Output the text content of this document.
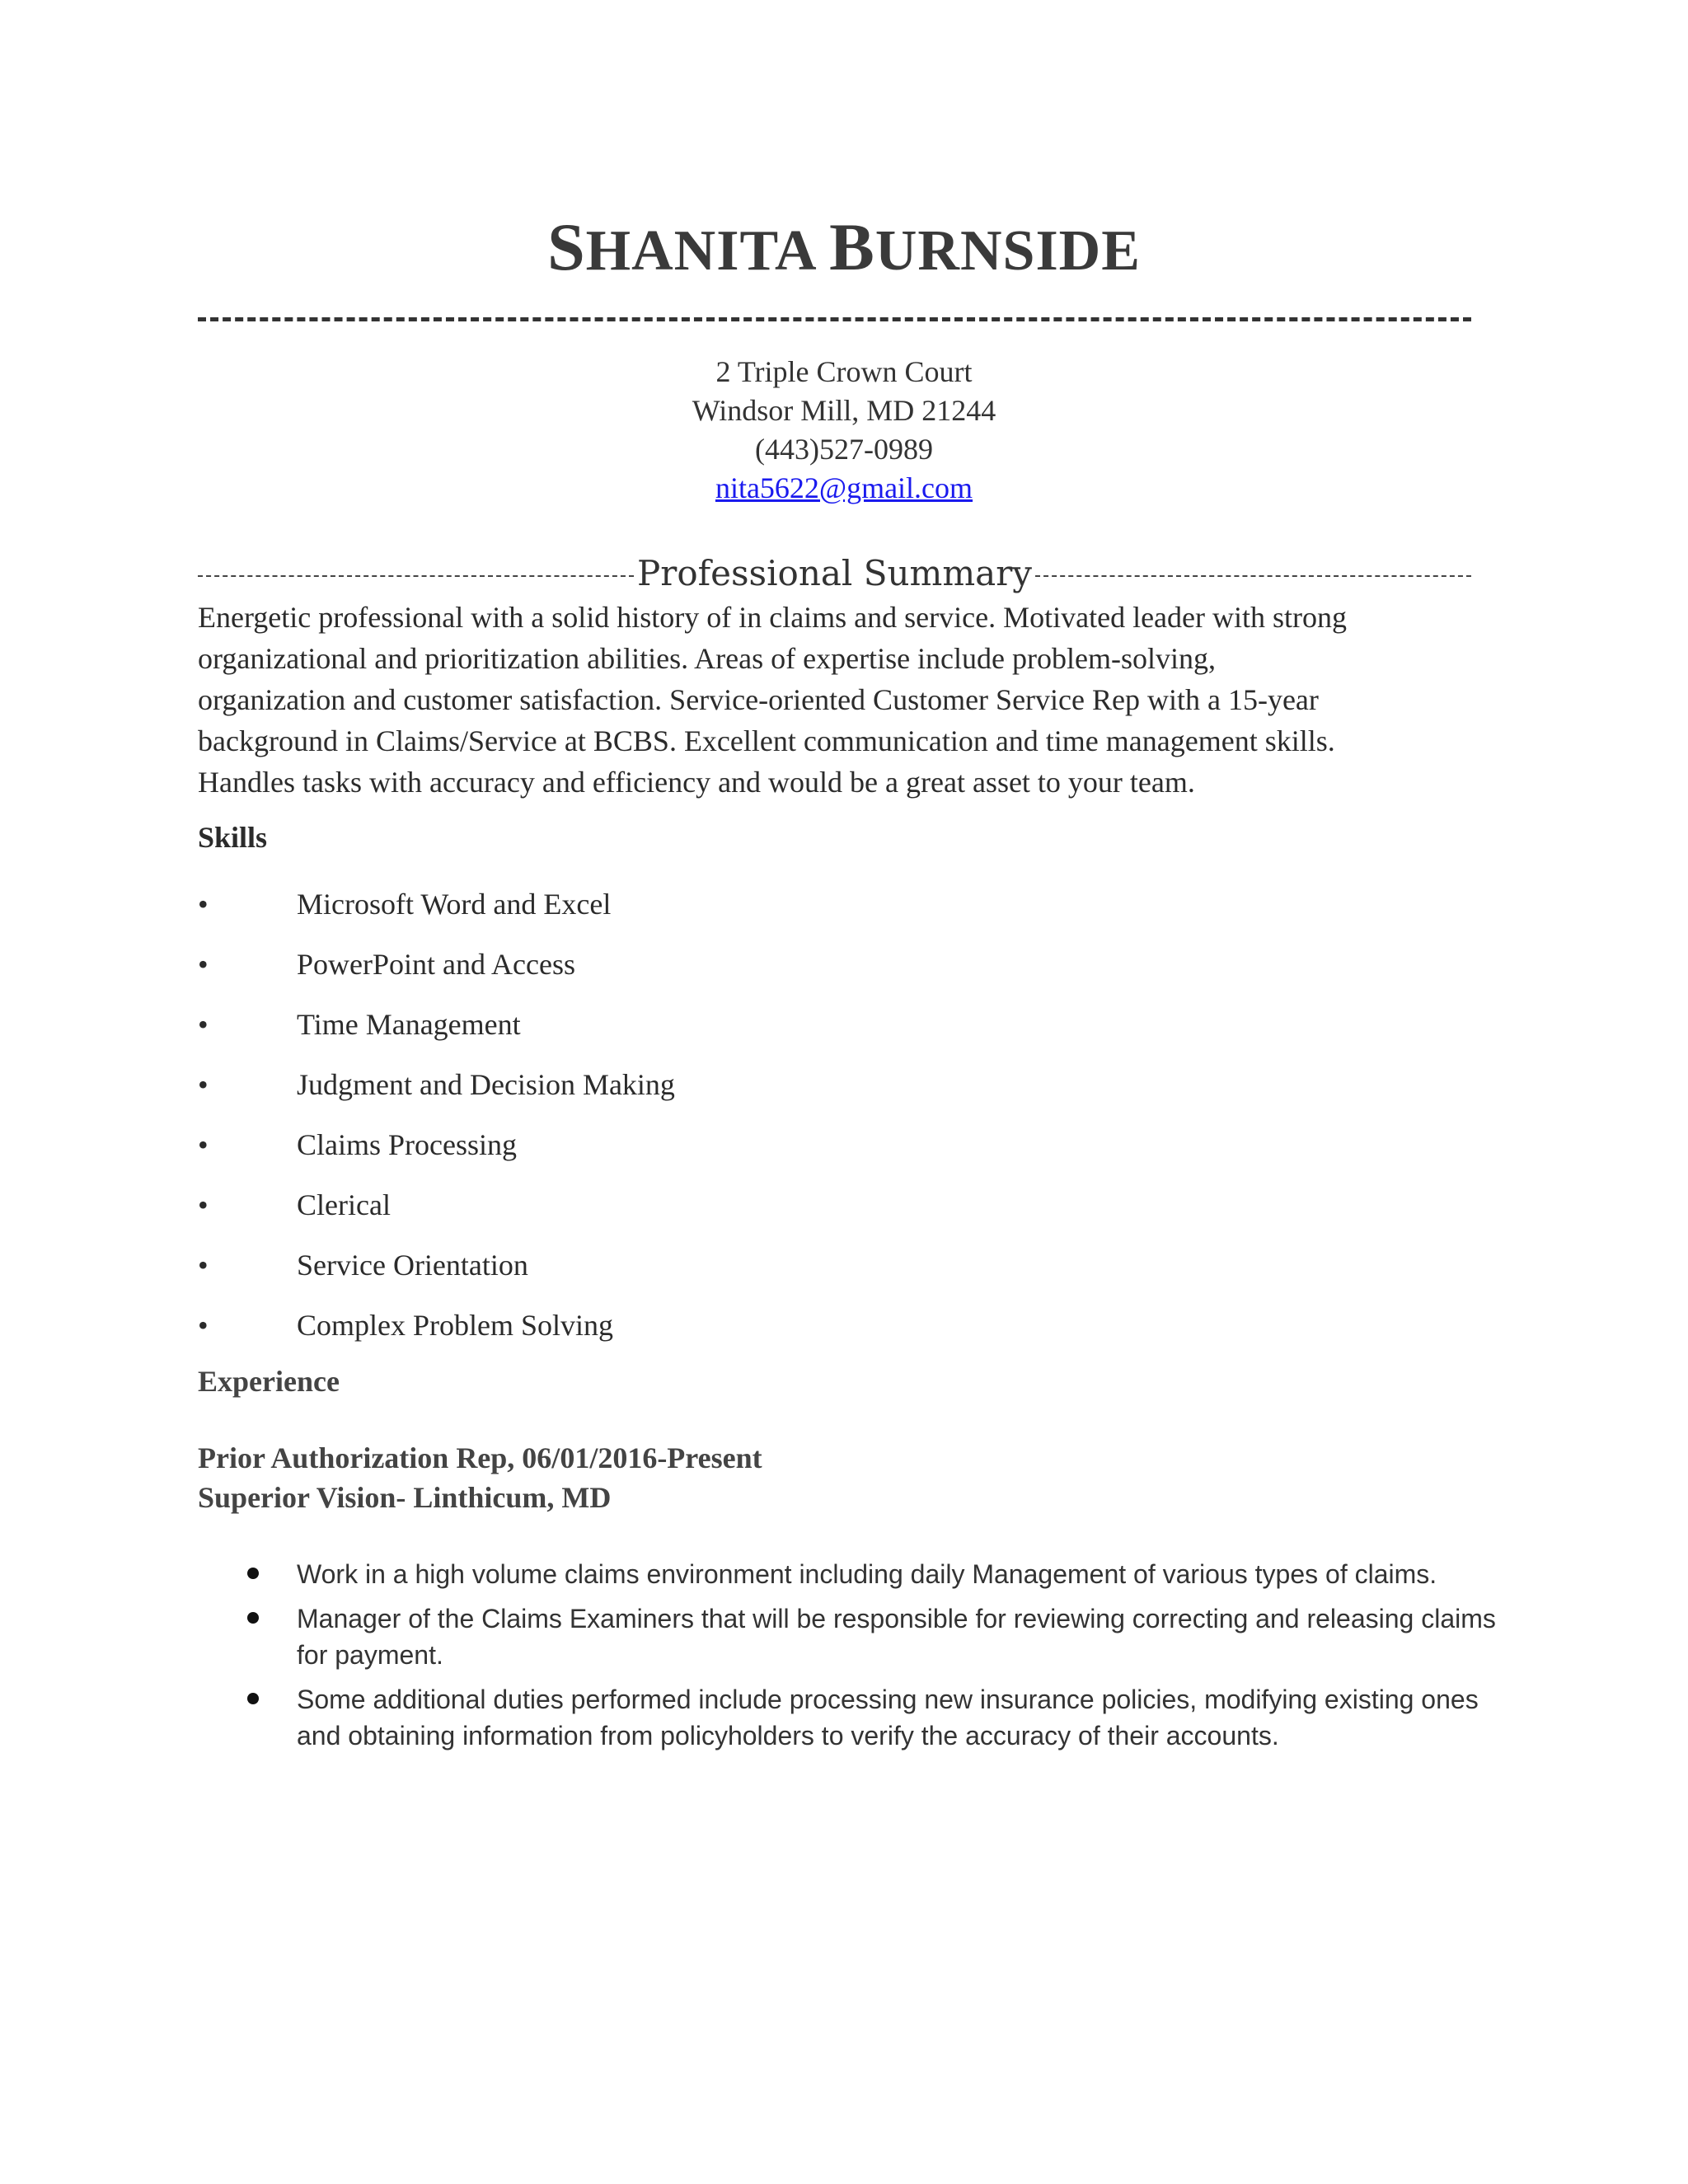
SHANITA BURNSIDE
2 Triple Crown Court
Windsor Mill, MD 21244
(443)527-0989
nita5622@gmail.com
Professional Summary
Energetic professional with a solid history of in claims and service. Motivated leader with strong
organizational and prioritization abilities. Areas of expertise include problem-solving,
organization and customer satisfaction. Service-oriented Customer Service Rep with a 15-year
background in Claims/Service at BCBS. Excellent communication and time management skills.
Handles tasks with accuracy and efficiency and would be a great asset to your team.
Skills
•	Microsoft Word and Excel
•	PowerPoint and Access
•	Time Management
•	Judgment and Decision Making
•	Claims Processing
•	Clerical
•	Service Orientation
•	Complex Problem Solving
Experience
Prior Authorization Rep, 06/01/2016-Present
Superior Vision- Linthicum, MD
Work in a high volume claims environment including daily Management of various types of claims.
Manager of the Claims Examiners that will be responsible for reviewing correcting and releasing claims for payment.
Some additional duties performed include processing new insurance policies, modifying existing ones and obtaining information from policyholders to verify the accuracy of their accounts.
